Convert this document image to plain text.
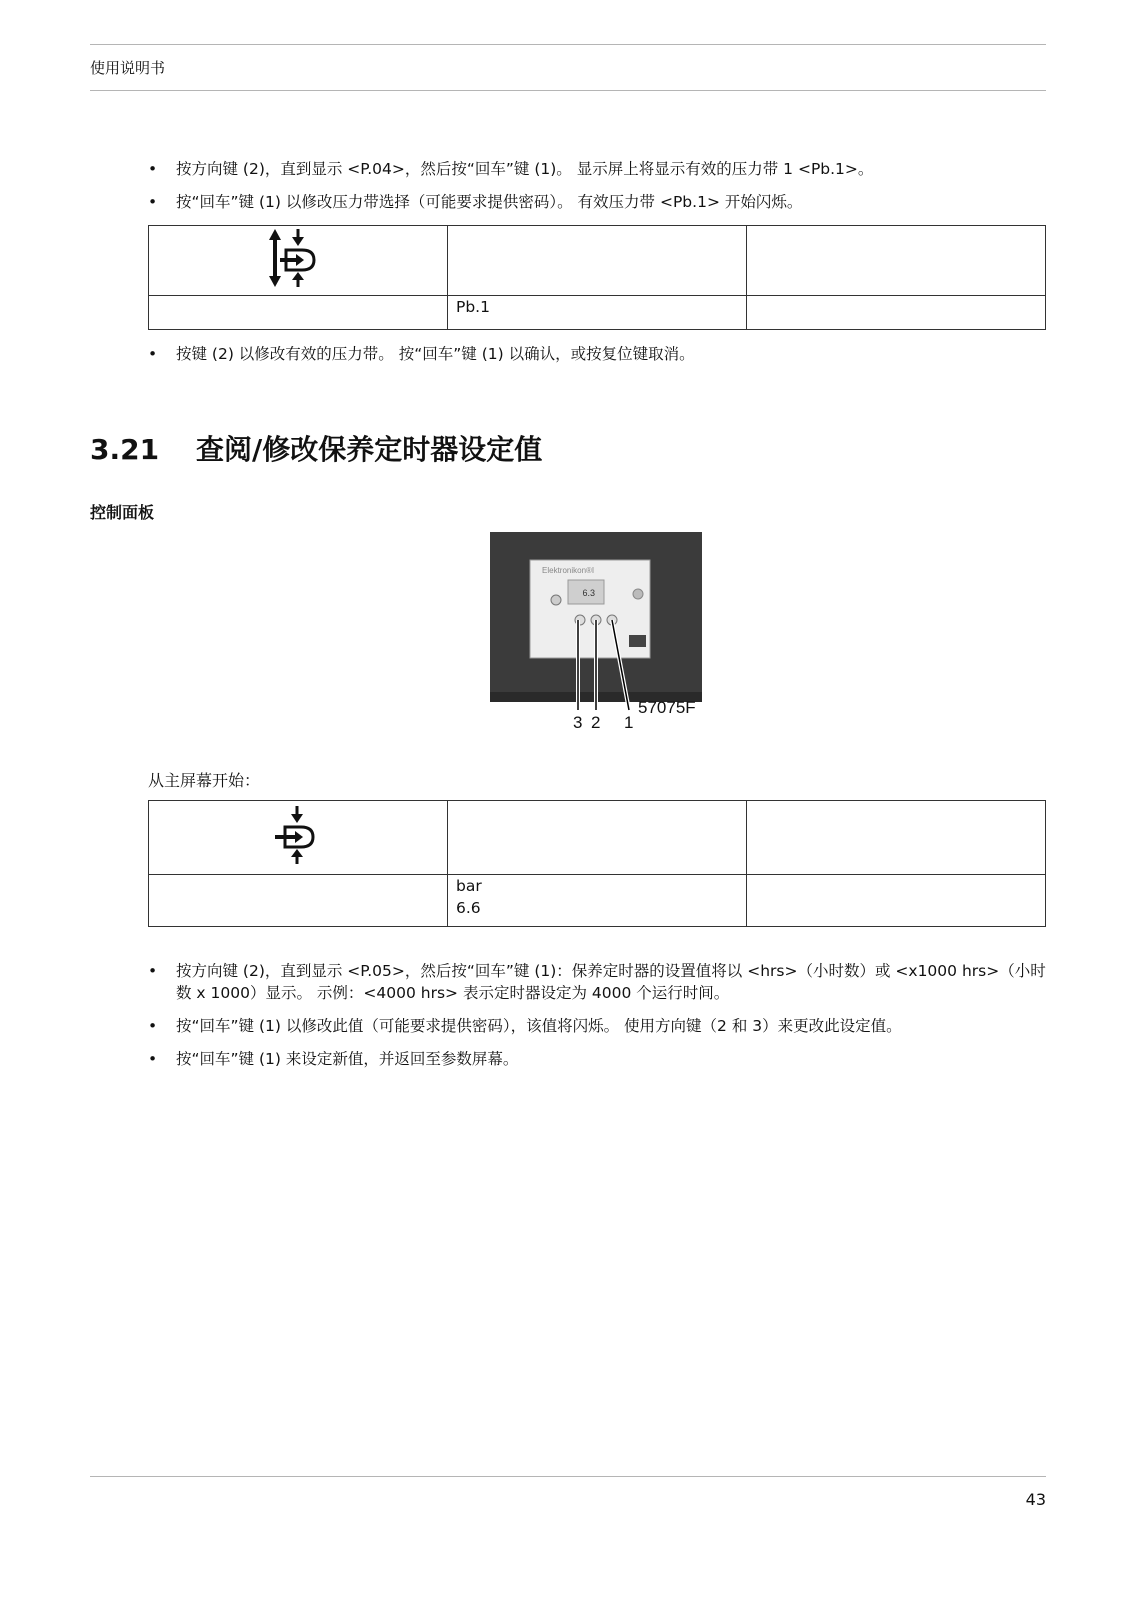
使用说明书
• 按方向键 (2)，直到显示 <P.04>，然后按“回车”键 (1)。 显示屏上将显示有效的压力带 1 <Pb.1>。
• 按“回车”键 (1) 以修改压力带选择（可能要求提供密码）。 有效压力带 <Pb.1> 开始闪烁。

	Pb.1	
• 按键 (2) 以修改有效的压力带。 按“回车”键 (1) 以确认，或按复位键取消。
3.21 查阅/修改保养定时器设定值
控制面板
Elektronikon®I
6.3
57075F
3 2 1
从主屏幕开始：

	bar
6.6	

• 按方向键 (2)，直到显示 <P.05>，然后按“回车”键 (1)：保养定时器的设置值将以 <hrs>（小时数）或 <x1000 hrs>（小时数 x 1000）显示。 示例：<4000 hrs> 表示定时器设定为 4000 个运行时间。
• 按“回车”键 (1) 以修改此值（可能要求提供密码），该值将闪烁。 使用方向键（2 和 3）来更改此设定值。
• 按“回车”键 (1) 来设定新值，并返回至参数屏幕。
43
